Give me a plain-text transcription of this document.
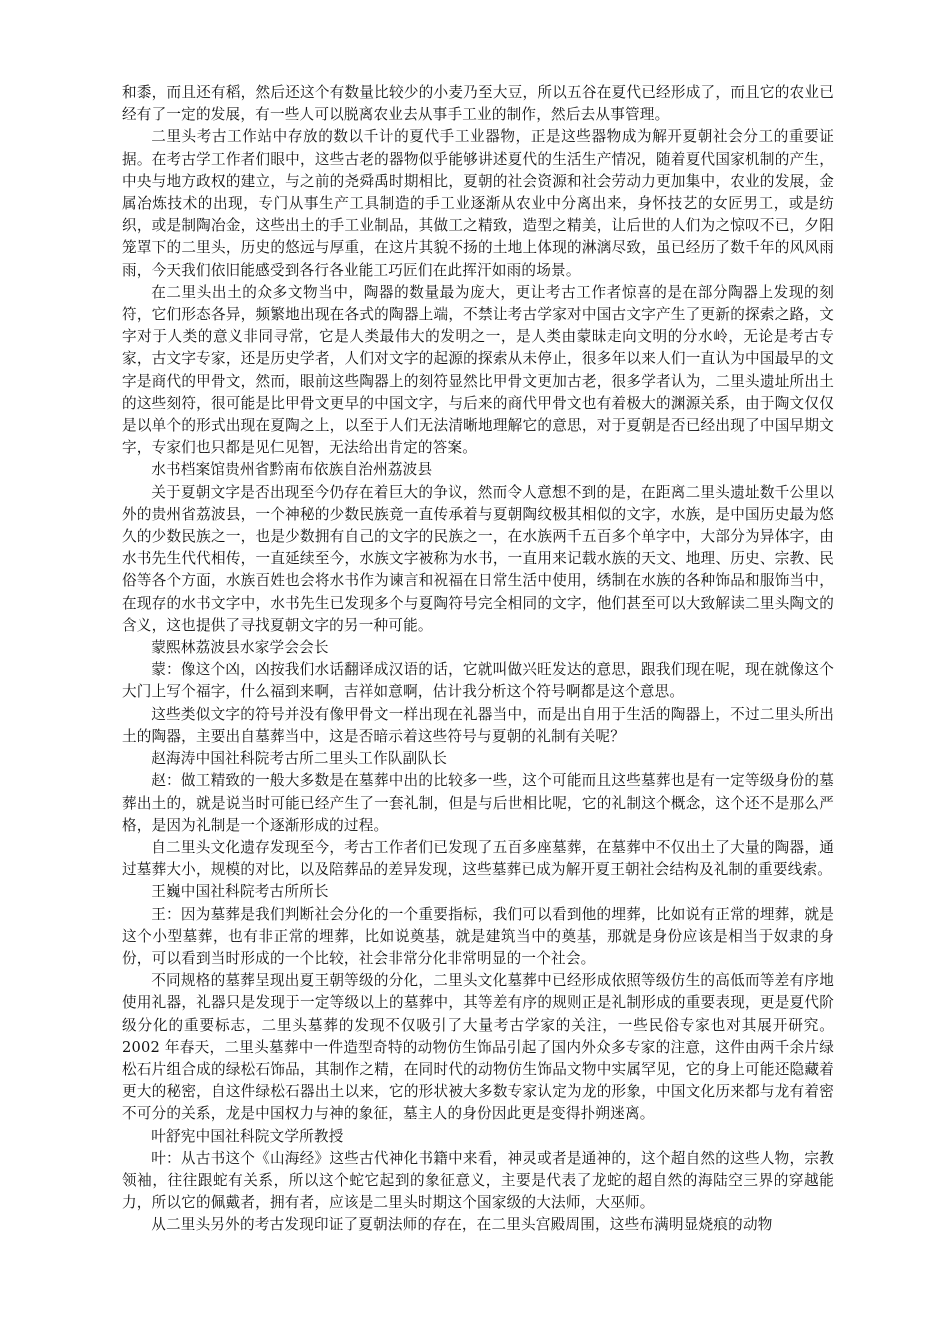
和黍，而且还有稻，然后还这个有数量比较少的小麦乃至大豆，所以五谷在夏代已经形成了，而且它的农业已经有了一定的发展，有一些人可以脱离农业去从事手工业的制作，然后去从事管理。

二里头考古工作站中存放的数以千计的夏代手工业器物，正是这些器物成为解开夏朝社会分工的重要证据。在考古学工作者们眼中，这些古老的器物似乎能够讲述夏代的生活生产情况，随着夏代国家机制的产生，中央与地方政权的建立，与之前的尧舜禹时期相比，夏朝的社会资源和社会劳动力更加集中，农业的发展，金属冶炼技术的出现，专门从事生产工具制造的手工业逐渐从农业中分离出来，身怀技艺的女匠男工，或是纺织，或是制陶冶金，这些出土的手工业制品，其做工之精致，造型之精美，让后世的人们为之惊叹不已，夕阳笼罩下的二里头，历史的悠远与厚重，在这片其貌不扬的土地上体现的淋漓尽致，虽已经历了数千年的风风雨雨，今天我们依旧能感受到各行各业能工巧匠们在此挥汗如雨的场景。

在二里头出土的众多文物当中，陶器的数量最为庞大，更让考古工作者惊喜的是在部分陶器上发现的刻符，它们形态各异，频繁地出现在各式的陶器上端，不禁让考古学家对中国古文字产生了更新的探索之路，文字对于人类的意义非同寻常，它是人类最伟大的发明之一，是人类由蒙昧走向文明的分水岭，无论是考古专家，古文字专家，还是历史学者，人们对文字的起源的探索从未停止，很多年以来人们一直认为中国最早的文字是商代的甲骨文，然而，眼前这些陶器上的刻符显然比甲骨文更加古老，很多学者认为，二里头遗址所出土的这些刻符，很可能是比甲骨文更早的中国文字，与后来的商代甲骨文也有着极大的渊源关系，由于陶文仅仅是以单个的形式出现在夏陶之上，以至于人们无法清晰地理解它的意思，对于夏朝是否已经出现了中国早期文字，专家们也只都是见仁见智，无法给出肯定的答案。

水书档案馆贵州省黔南布依族自治州荔波县

关于夏朝文字是否出现至今仍存在着巨大的争议，然而令人意想不到的是，在距离二里头遗址数千公里以外的贵州省荔波县，一个神秘的少数民族竟一直传承着与夏朝陶纹极其相似的文字，水族，是中国历史最为悠久的少数民族之一，也是少数拥有自己的文字的民族之一，在水族两千五百多个单字中，大部分为异体字，由水书先生代代相传，一直延续至今，水族文字被称为水书，一直用来记载水族的天文、地理、历史、宗教、民俗等各个方面，水族百姓也会将水书作为谏言和祝福在日常生活中使用，绣制在水族的各种饰品和服饰当中，在现存的水书文字中，水书先生已发现多个与夏陶符号完全相同的文字，他们甚至可以大致解读二里头陶文的含义，这也提供了寻找夏朝文字的另一种可能。

蒙熙林荔波县水家学会会长

蒙：像这个凶，凶按我们水话翻译成汉语的话，它就叫做兴旺发达的意思，跟我们现在呢，现在就像这个大门上写个福字，什么福到来啊，吉祥如意啊，估计我分析这个符号啊都是这个意思。

这些类似文字的符号并没有像甲骨文一样出现在礼器当中，而是出自用于生活的陶器上，不过二里头所出土的陶器，主要出自墓葬当中，这是否暗示着这些符号与夏朝的礼制有关呢？

赵海涛中国社科院考古所二里头工作队副队长

赵：做工精致的一般大多数是在墓葬中出的比较多一些，这个可能而且这些墓葬也是有一定等级身份的墓葬出土的，就是说当时可能已经产生了一套礼制，但是与后世相比呢，它的礼制这个概念，这个还不是那么严格，是因为礼制是一个逐渐形成的过程。

自二里头文化遗存发现至今，考古工作者们已发现了五百多座墓葬，在墓葬中不仅出土了大量的陶器，通过墓葬大小，规模的对比，以及陪葬品的差异发现，这些墓葬已成为解开夏王朝社会结构及礼制的重要线索。

王巍中国社科院考古所所长

王：因为墓葬是我们判断社会分化的一个重要指标，我们可以看到他的埋葬，比如说有正常的埋葬，就是这个小型墓葬，也有非正常的埋葬，比如说奠基，就是建筑当中的奠基，那就是身份应该是相当于奴隶的身份，可以看到当时形成的一个比较，社会非常分化非常明显的一个社会。

不同规格的墓葬呈现出夏王朝等级的分化，二里头文化墓葬中已经形成依照等级仿生的高低而等差有序地使用礼器，礼器只是发现于一定等级以上的墓葬中，其等差有序的规则正是礼制形成的重要表现，更是夏代阶级分化的重要标志，二里头墓葬的发现不仅吸引了大量考古学家的关注，一些民俗专家也对其展开研究。2002 年春天，二里头墓葬中一件造型奇特的动物仿生饰品引起了国内外众多专家的注意，这件由两千余片绿松石片组合成的绿松石饰品，其制作之精，在同时代的动物仿生饰品文物中实属罕见，它的身上可能还隐藏着更大的秘密，自这件绿松石器出土以来，它的形状被大多数专家认定为龙的形象，中国文化历来都与龙有着密不可分的关系，龙是中国权力与神的象征，墓主人的身份因此更是变得扑朔迷离。

叶舒宪中国社科院文学所教授

叶：从古书这个《山海经》这些古代神化书籍中来看，神灵或者是通神的，这个超自然的这些人物，宗教领袖，往往跟蛇有关系，所以这个蛇它起到的象征意义，主要是代表了龙蛇的超自然的海陆空三界的穿越能力，所以它的佩戴者，拥有者，应该是二里头时期这个国家级的大法师，大巫师。

从二里头另外的考古发现印证了夏朝法师的存在，在二里头宫殿周围，这些布满明显烧痕的动物
